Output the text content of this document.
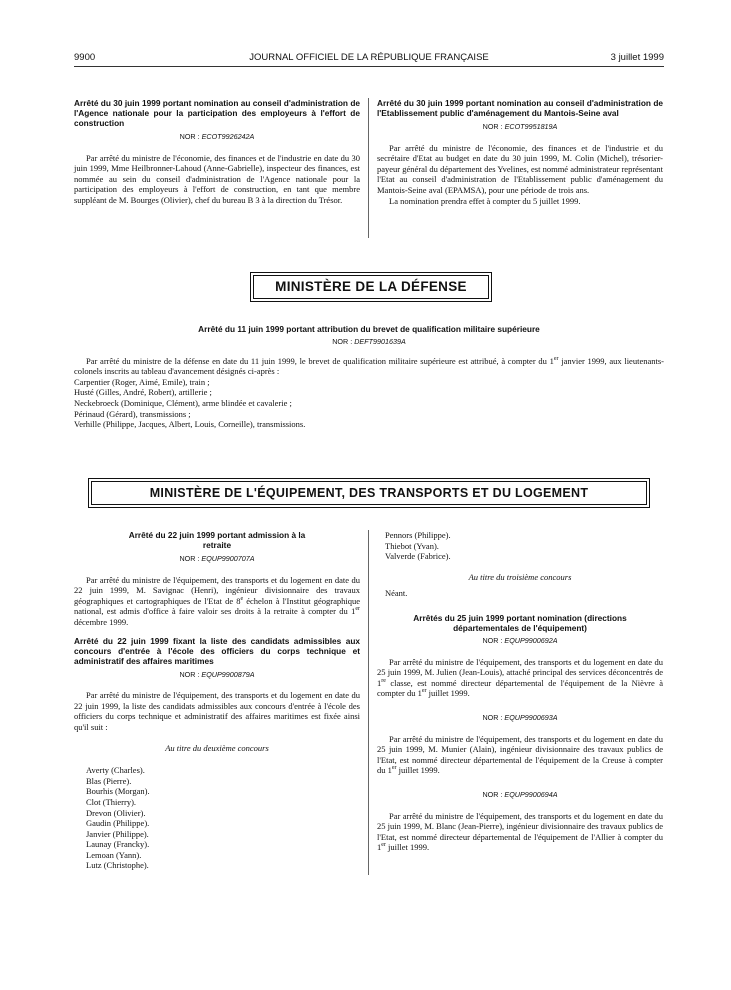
9900	JOURNAL OFFICIEL DE LA RÉPUBLIQUE FRANÇAISE	3 juillet 1999
Arrêté du 30 juin 1999 portant nomination au conseil d'administration de l'Agence nationale pour la participation des employeurs à l'effort de construction
NOR : ECOT9926242A

Par arrêté du ministre de l'économie, des finances et de l'industrie en date du 30 juin 1999, Mme Heilbronner-Lahoud (Anne-Gabrielle), inspecteur des finances, est nommée au sein du conseil d'administration de l'Agence nationale pour la participation des employeurs à l'effort de construction, en tant que membre suppléant de M. Bourges (Olivier), chef du bureau B 3 à la direction du Trésor.

Arrêté du 30 juin 1999 portant nomination au conseil d'administration de l'Etablissement public d'aménagement du Mantois-Seine aval
NOR : ECOT9951819A

Par arrêté du ministre de l'économie, des finances et de l'industrie et du secrétaire d'Etat au budget en date du 30 juin 1999, M. Colin (Michel), trésorier-payeur général du département des Yvelines, est nommé administrateur représentant l'Etat au conseil d'administration de l'Etablissement public d'aménagement du Mantois-Seine aval (EPAMSA), pour une période de trois ans.

La nomination prendra effet à compter du 5 juillet 1999.

MINISTÈRE DE LA DÉFENSE
Arrêté du 11 juin 1999 portant attribution du brevet de qualification militaire supérieure
NOR : DEFT9901639A

Par arrêté du ministre de la défense en date du 11 juin 1999, le brevet de qualification militaire supérieure est attribué, à compter du 1er janvier 1999, aux lieutenants-colonels inscrits au tableau d'avancement désignés ci-après :

Carpentier (Roger, Aimé, Emile), train ;
Husté (Gilles, André, Robert), artillerie ;
Neckebroeck (Dominique, Clément), arme blindée et cavalerie ;
Périnaud (Gérard), transmissions ;
Verhille (Philippe, Jacques, Albert, Louis, Corneille), transmissions.
MINISTÈRE DE L'ÉQUIPEMENT, DES TRANSPORTS ET DU LOGEMENT
Arrêté du 22 juin 1999 portant admission à la retraite
NOR : EQUP9900707A

Par arrêté du ministre de l'équipement, des transports et du logement en date du 22 juin 1999, M. Savignac (Henri), ingénieur divisionnaire des travaux géographiques et cartographiques de l'Etat de 8e échelon à l'Institut géographique national, est admis d'office à faire valoir ses droits à la retraite à compter du 1er décembre 1999.

Arrêté du 22 juin 1999 fixant la liste des candidats admissibles aux concours d'entrée à l'école des officiers du corps technique et administratif des affaires maritimes
NOR : EQUP9900879A

Par arrêté du ministre de l'équipement, des transports et du logement en date du 22 juin 1999, la liste des candidats admissibles aux concours d'entrée à l'école des officiers du corps technique et administratif des affaires maritimes est fixée ainsi qu'il suit :

Au titre du deuxième concours
Averty (Charles).
Blas (Pierre).
Bourhis (Morgan).
Clot (Thierry).
Drevon (Olivier).
Gaudin (Philippe).
Janvier (Philippe).
Launay (Francky).
Lemoan (Yann).
Lutz (Christophe).
Pennors (Philippe).
Thiebot (Yvan).
Valverde (Fabrice).
Au titre du troisième concours
Néant.
Arrêtés du 25 juin 1999 portant nomination (directions départementales de l'équipement)
NOR : EQUP9900692A

Par arrêté du ministre de l'équipement, des transports et du logement en date du 25 juin 1999, M. Julien (Jean-Louis), attaché principal des services déconcentrés de 1re classe, est nommé directeur départemental de l'équipement de la Nièvre à compter du 1er juillet 1999.

NOR : EQUP9900693A

Par arrêté du ministre de l'équipement, des transports et du logement en date du 25 juin 1999, M. Munier (Alain), ingénieur divisionnaire des travaux publics de l'Etat, est nommé directeur départemental de l'équipement de la Creuse à compter du 1er juillet 1999.

NOR : EQUP9900694A

Par arrêté du ministre de l'équipement, des transports et du logement en date du 25 juin 1999, M. Blanc (Jean-Pierre), ingénieur divisionnaire des travaux publics de l'Etat, est nommé directeur départemental de l'équipement de l'Allier à compter du 1er juillet 1999.
